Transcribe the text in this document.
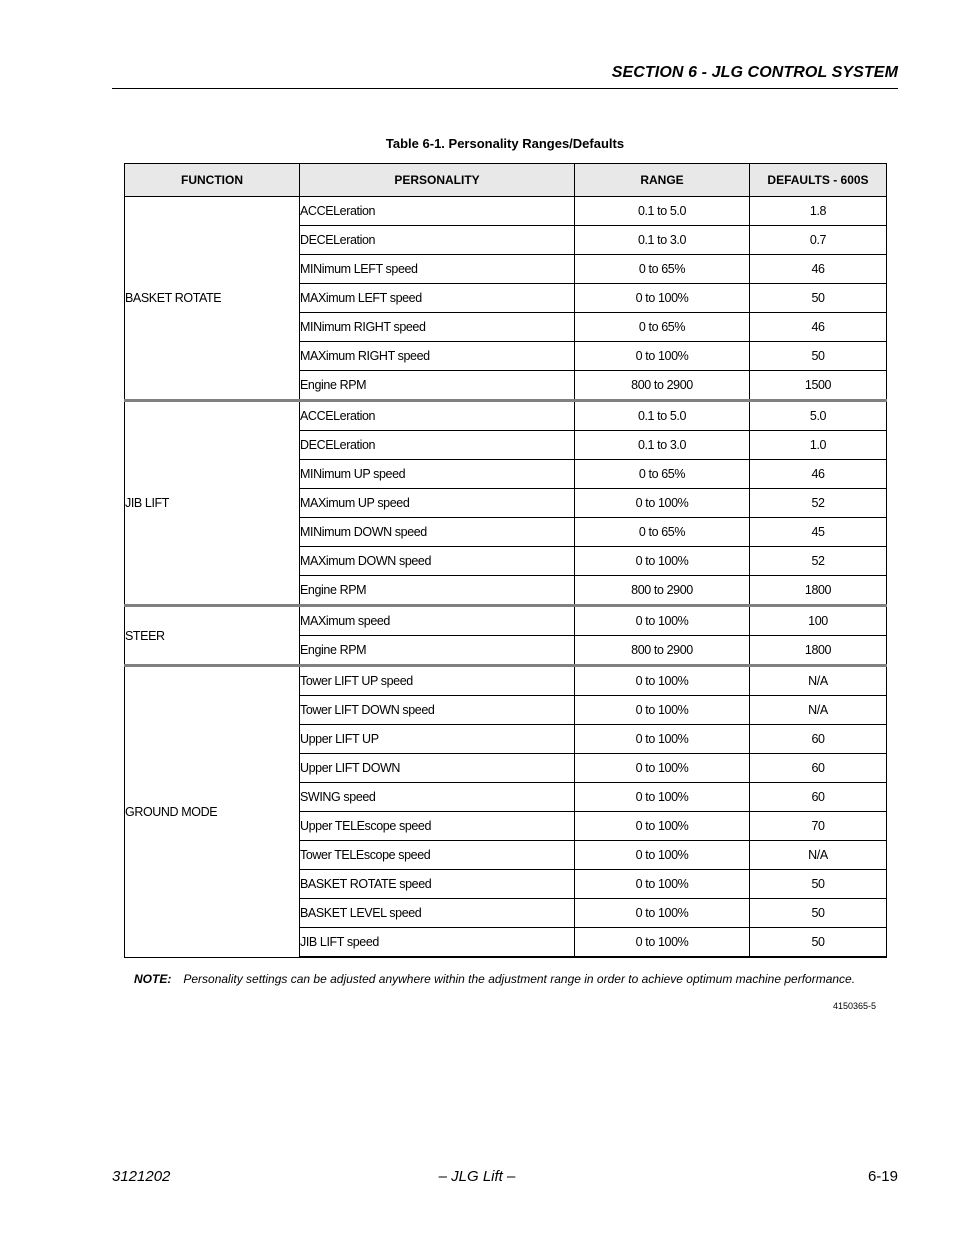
SECTION 6 - JLG CONTROL SYSTEM
Table 6-1. Personality Ranges/Defaults
FUNCTION	PERSONALITY	RANGE	DEFAULTS - 600S
BASKET ROTATE	ACCELeration	0.1 to 5.0	1.8
	DECELeration	0.1 to 3.0	0.7
	MINimum LEFT speed	0 to 65%	46
	MAXimum LEFT speed	0 to 100%	50
	MINimum RIGHT speed	0 to 65%	46
	MAXimum RIGHT speed	0 to 100%	50
	Engine RPM	800 to 2900	1500
JIB LIFT	ACCELeration	0.1 to 5.0	5.0
	DECELeration	0.1 to 3.0	1.0
	MINimum UP speed	0 to 65%	46
	MAXimum UP speed	0 to 100%	52
	MINimum DOWN speed	0 to 65%	45
	MAXimum DOWN speed	0 to 100%	52
	Engine RPM	800 to 2900	1800
STEER	MAXimum speed	0 to 100%	100
	Engine RPM	800 to 2900	1800
GROUND MODE	Tower LIFT UP speed	0 to 100%	N/A
	Tower LIFT DOWN speed	0 to 100%	N/A
	Upper LIFT UP	0 to 100%	60
	Upper LIFT DOWN	0 to 100%	60
	SWING speed	0 to 100%	60
	Upper TELEscope speed	0 to 100%	70
	Tower TELEscope speed	0 to 100%	N/A
	BASKET ROTATE speed	0 to 100%	50
	BASKET LEVEL speed	0 to 100%	50
	JIB LIFT speed	0 to 100%	50
NOTE: Personality settings can be adjusted anywhere within the adjustment range in order to achieve optimum machine performance.
4150365-5
3121202	– JLG Lift –	6-19
